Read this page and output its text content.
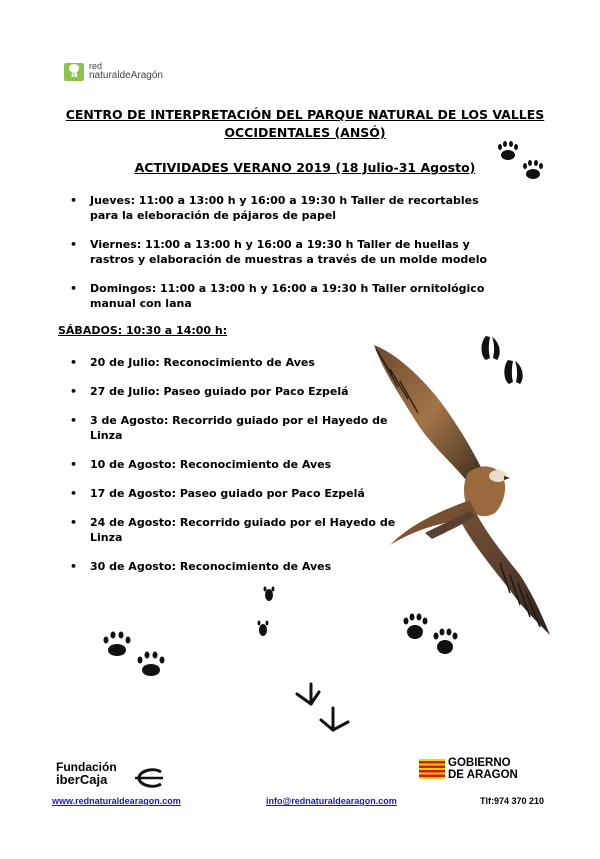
a
red
naturaldeAragón
CENTRO DE INTERPRETACIÓN DEL PARQUE NATURAL DE LOS VALLES
OCCIDENTALES (ANSÓ)
ACTIVIDADES VERANO 2019 (18 Julio-31 Agosto)
• Jueves: 11:00 a 13:00 h y 16:00 a 19:30 h Taller de recortables para la eleboración de pájaros de papel
• Viernes: 11:00 a 13:00 h y 16:00 a 19:30 h Taller de huellas y rastros y elaboración de muestras a través de un molde modelo
• Domingos: 11:00 a 13:00 h y 16:00 a 19:30 h Taller ornitológico manual con lana
SÁBADOS: 10:30 a 14:00 h:
• 20 de Julio: Reconocimiento de Aves
• 27 de Julio: Paseo guiado por Paco Ezpelá
• 3 de Agosto: Recorrido guiado por el Hayedo de Linza
• 10 de Agosto: Reconocimiento de Aves
• 17 de Agosto: Paseo guiado por Paco Ezpelá
• 24 de Agosto: Recorrido guiado por el Hayedo de Linza
• 30 de Agosto: Reconocimiento de Aves
Fundación
iberCaja
GOBIERNO
DE ARAGON
www.rednaturaldearagon.com	info@rednaturaldearagon.com	Tlf:974 370 210
